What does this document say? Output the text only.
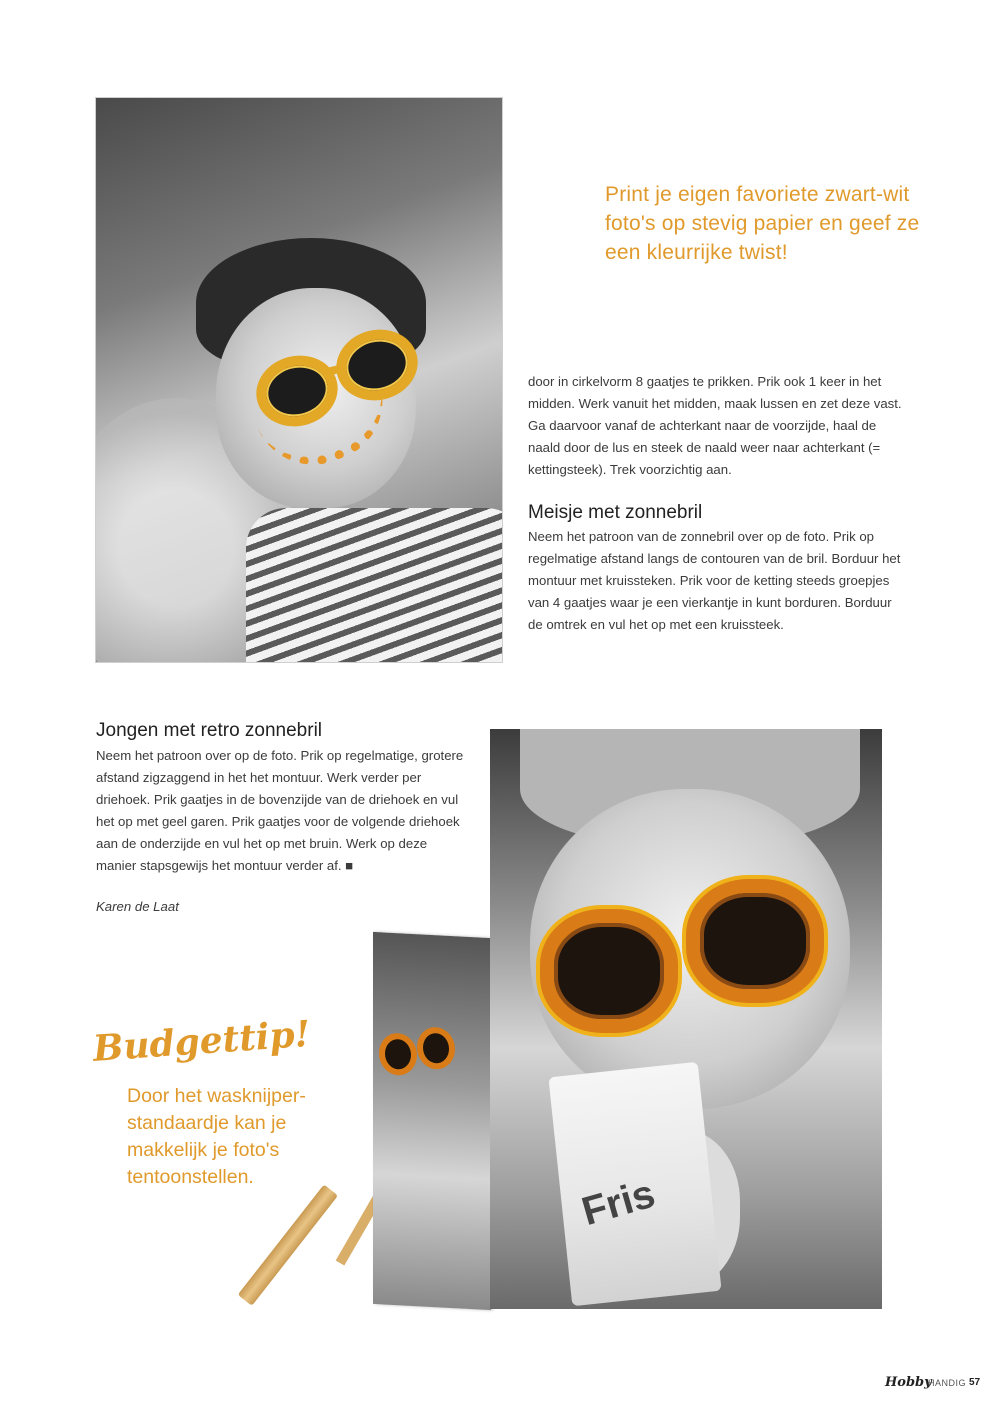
Print je eigen favoriete zwart-wit foto's op stevig papier en geef ze een kleurrijke twist!
door in cirkelvorm 8 gaatjes te prikken. Prik ook 1 keer in het midden. Werk vanuit het midden, maak lussen en zet deze vast. Ga daarvoor vanaf de achterkant naar de voorzijde, haal de naald door de lus en steek de naald weer naar achterkant (= kettingsteek). Trek voorzichtig aan.
Meisje met zonnebril
Neem het patroon van de zonnebril over op de foto. Prik op regelmatige afstand langs de contouren van de bril. Borduur het montuur met kruissteken. Prik voor de ketting steeds groepjes van 4 gaatjes waar je een vierkantje in kunt borduren. Borduur de omtrek en vul het op met een kruissteek.
Jongen met retro zonnebril
Neem het patroon over op de foto. Prik op regelmatige, grotere afstand zigzaggend in het het montuur. Werk verder per driehoek. Prik gaatjes in de bovenzijde van de driehoek en vul het op met geel garen. Prik gaatjes voor de volgende driehoek aan de onderzijde en vul het op met bruin. Werk op deze manier stapsgewijs het montuur verder af. ■
Karen de Laat
Fris
Budgettip!
Door het wasknijper-standaardje kan je makkelijk je foto's tentoonstellen.
Hobby
HANDIG 57
